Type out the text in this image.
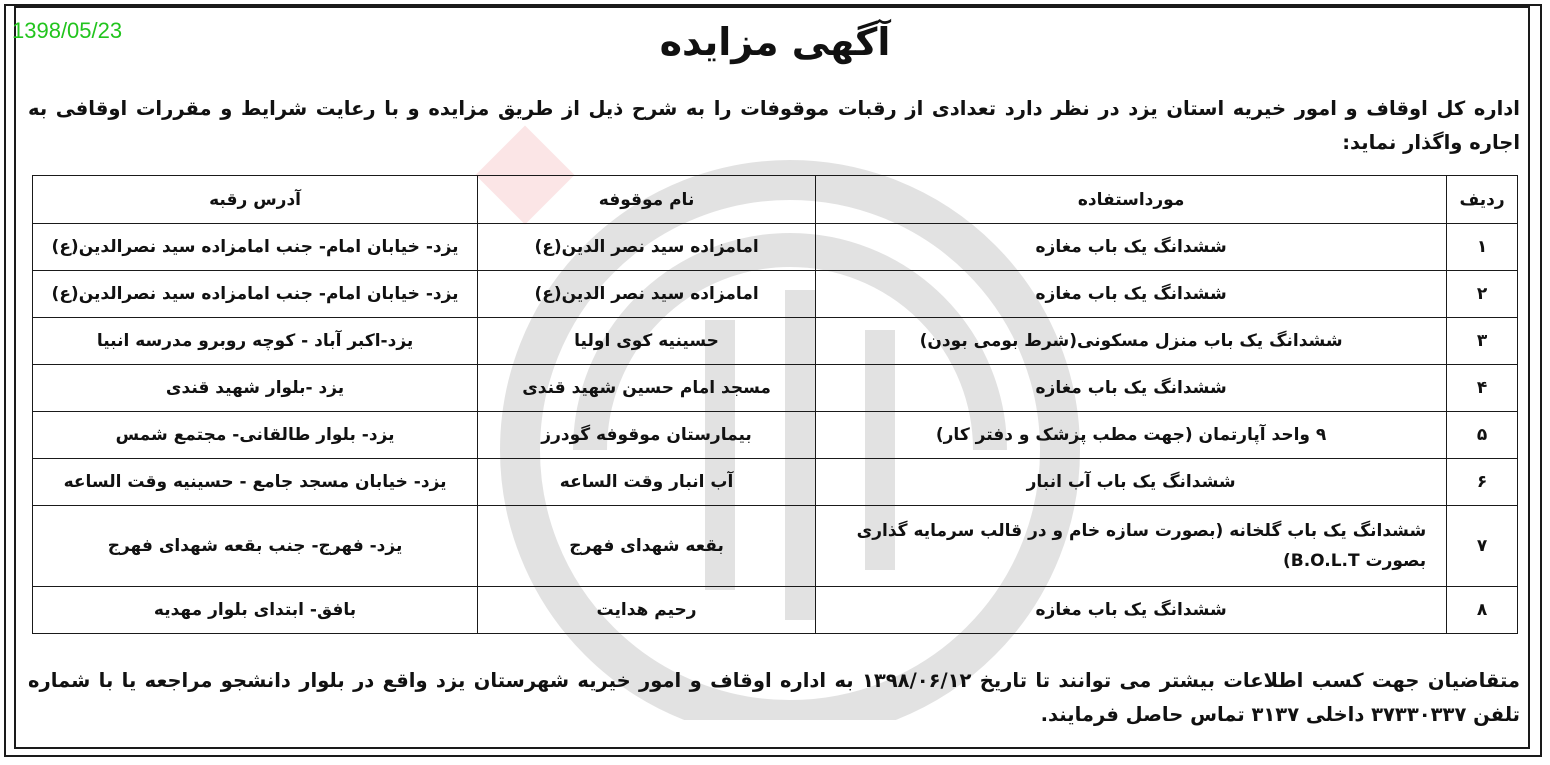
1398/05/23	آگهی مزایده
اداره کل اوقاف و امور خیریه استان یزد در نظر دارد تعدادی از رقبات موقوفات را به شرح ذیل از طریق مزایده و با رعایت شرایط و مقررات اوقافی به اجاره واگذار نماید:
ردیف	مورداستفاده	نام موقوفه	آدرس رقبه
۱	ششدانگ یک باب مغازه	امامزاده سید نصر الدین(ع)	یزد- خیابان امام- جنب امامزاده سید نصرالدین(ع)
۲	ششدانگ یک باب مغازه	امامزاده سید نصر الدین(ع)	یزد- خیابان امام- جنب امامزاده سید نصرالدین(ع)
۳	ششدانگ یک باب منزل مسکونی(شرط بومی بودن)	حسینیه کوی اولیا	یزد-اکبر آباد - کوچه روبرو مدرسه انبیا
۴	ششدانگ یک باب مغازه	مسجد امام حسین شهید قندی	یزد -بلوار شهید قندی
۵	۹ واحد آپارتمان (جهت مطب پزشک و دفتر کار)	بیمارستان موقوفه گودرز	یزد- بلوار طالقانی- مجتمع شمس
۶	ششدانگ یک باب آب انبار	آب انبار وقت الساعه	یزد- خیابان مسجد جامع - حسینیه وقت الساعه
۷	ششدانگ یک باب گلخانه (بصورت سازه خام و در قالب سرمایه گذاری بصورت B.O.L.T)	بقعه شهدای فهرج	یزد- فهرج- جنب بقعه شهدای فهرج
۸	ششدانگ یک باب مغازه	رحیم هدایت	بافق- ابتدای بلوار مهدیه
متقاضیان جهت کسب اطلاعات بیشتر می توانند تا تاریخ ۱۳۹۸/۰۶/۱۲ به اداره اوقاف و امور خیریه شهرستان یزد واقع در بلوار دانشجو مراجعه یا با شماره تلفن ۳۷۳۳۰۳۳۷ داخلی ۳۱۳۷ تماس حاصل فرمایند.
